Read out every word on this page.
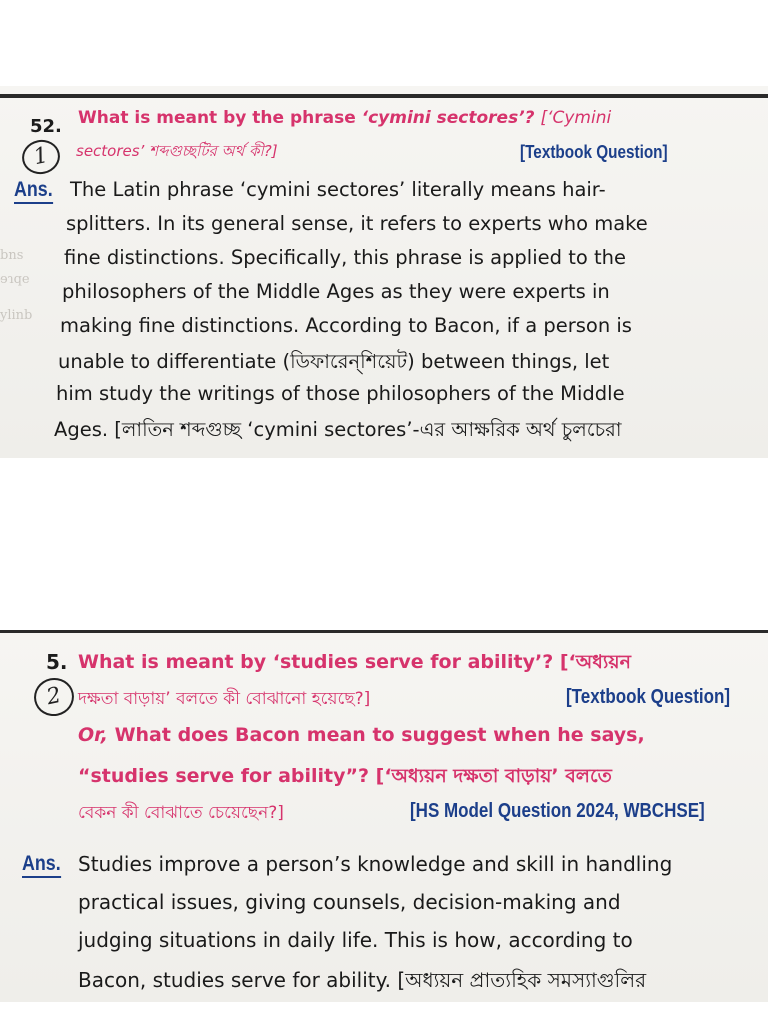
bns
ɘɿqe
ylinb
52.
1
What is meant by the phrase ‘cymini sectores’? [‘Cymini
sectores’ শব্দগুচ্ছটির অর্থ কী?]	[Textbook Question]
Ans. The Latin phrase ‘cymini sectores’ literally means hair-
splitters. In its general sense, it refers to experts who make
fine distinctions. Specifically, this phrase is applied to the
philosophers of the Middle Ages as they were experts in
making fine distinctions. According to Bacon, if a person is
unable to differentiate (ডিফারেন্‌শিয়েট) between things, let
him study the writings of those philosophers of the Middle
Ages. [লাতিন শব্দগুচ্ছ ‘cymini sectores’-এর আক্ষরিক অর্থ চুলচেরা
5.
2
What is meant by ‘studies serve for ability’? [‘অধ্যয়ন
দক্ষতা বাড়ায়’ বলতে কী বোঝানো হয়েছে?]	[Textbook Question]
Or, What does Bacon mean to suggest when he says,
“studies serve for ability”? [‘অধ্যয়ন দক্ষতা বাড়ায়’ বলতে
বেকন কী বোঝাতে চেয়েছেন?]	[HS Model Question 2024, WBCHSE]
Ans. Studies improve a person’s knowledge and skill in handling
practical issues, giving counsels, decision-making and
judging situations in daily life. This is how, according to
Bacon, studies serve for ability. [অধ্যয়ন প্রাত্যহিক সমস্যাগুলির
